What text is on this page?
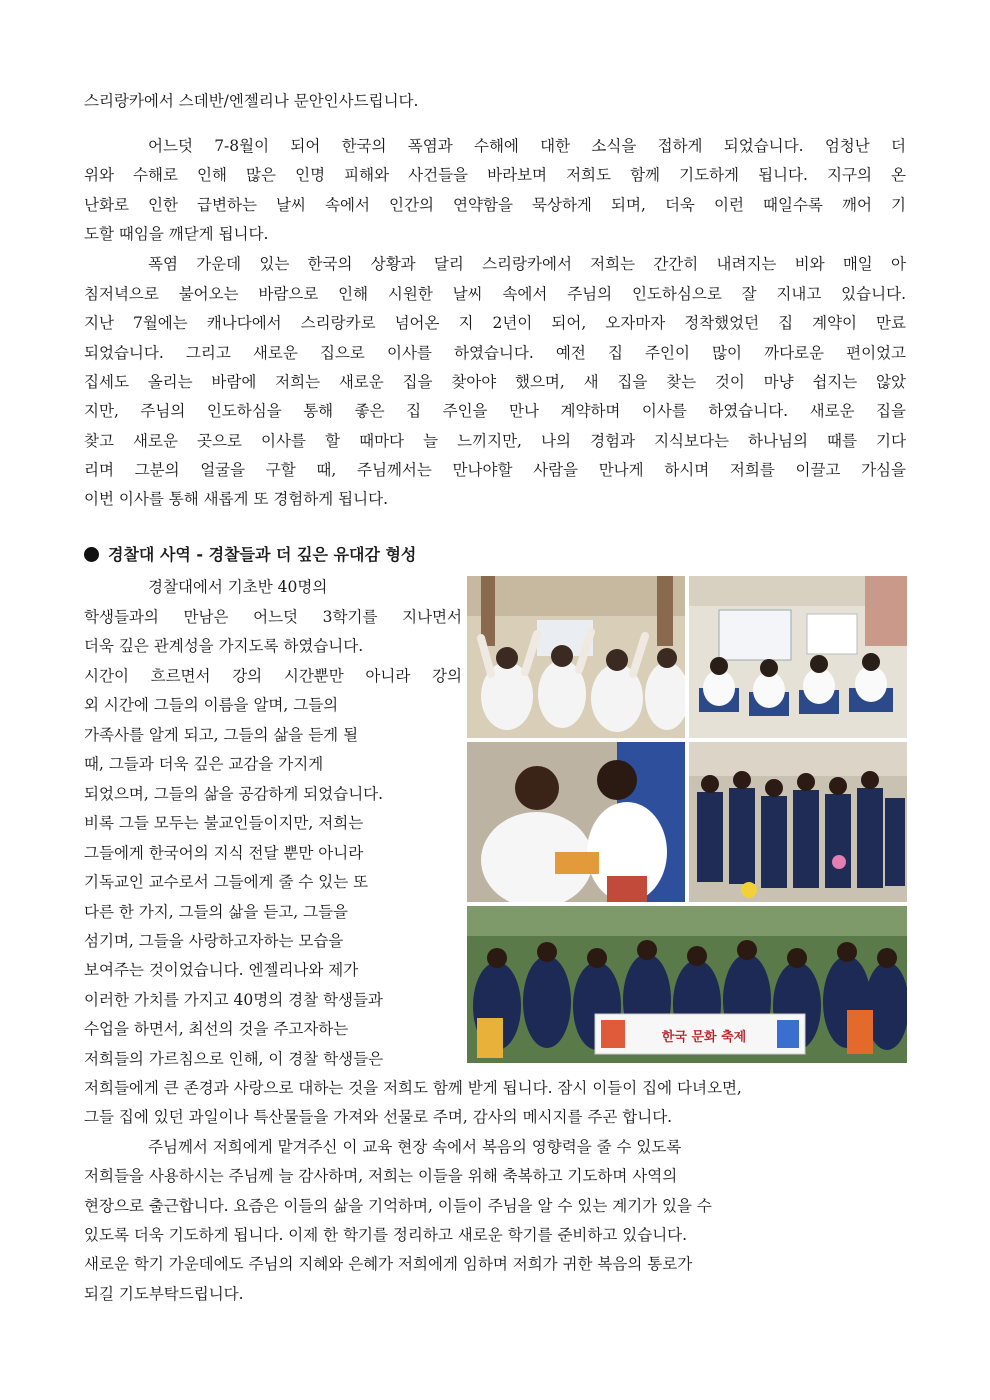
스리랑카에서 스데반/엔젤리나 문안인사드립니다.
어느덧 7-8월이 되어 한국의 폭염과 수해에 대한 소식을 접하게 되었습니다. 엄청난 더
위와 수해로 인해 많은 인명 피해와 사건들을 바라보며 저희도 함께 기도하게 됩니다. 지구의 온
난화로 인한 급변하는 날씨 속에서 인간의 연약함을 묵상하게 되며, 더욱 이런 때일수록 깨어 기
도할 때임을 깨닫게 됩니다.
폭염 가운데 있는 한국의 상황과 달리 스리랑카에서 저희는 간간히 내려지는 비와 매일 아
침저녁으로 불어오는 바람으로 인해 시원한 날씨 속에서 주님의 인도하심으로 잘 지내고 있습니다.
지난 7월에는 캐나다에서 스리랑카로 넘어온 지 2년이 되어, 오자마자 정착했었던 집 계약이 만료
되었습니다. 그리고 새로운 집으로 이사를 하였습니다. 예전 집 주인이 많이 까다로운 편이었고
집세도 올리는 바람에 저희는 새로운 집을 찾아야 했으며, 새 집을 찾는 것이 마냥 쉽지는 않았
지만, 주님의 인도하심을 통해 좋은 집 주인을 만나 계약하며 이사를 하였습니다. 새로운 집을
찾고 새로운 곳으로 이사를 할 때마다 늘 느끼지만, 나의 경험과 지식보다는 하나님의 때를 기다
리며 그분의 얼굴을 구할 때, 주님께서는 만나야할 사람을 만나게 하시며 저희를 이끌고 가심을
이번 이사를 통해 새롭게 또 경험하게 됩니다.
경찰대 사역 - 경찰들과 더 깊은 유대감 형성
경찰대에서 기초반 40명의
학생들과의 만남은 어느덧 3학기를 지나면서
더욱 깊은 관계성을 가지도록 하였습니다.
시간이 흐르면서 강의 시간뿐만 아니라 강의
외 시간에 그들의 이름을 알며, 그들의
가족사를 알게 되고, 그들의 삶을 듣게 될
때, 그들과 더욱 깊은 교감을 가지게
되었으며, 그들의 삶을 공감하게 되었습니다.
비록 그들 모두는 불교인들이지만, 저희는
그들에게 한국어의 지식 전달 뿐만 아니라
기독교인 교수로서 그들에게 줄 수 있는 또
다른 한 가지, 그들의 삶을 듣고, 그들을
섬기며, 그들을 사랑하고자하는 모습을
보여주는 것이었습니다. 엔젤리나와 제가
이러한 가치를 가지고 40명의 경찰 학생들과
수업을 하면서, 최선의 것을 주고자하는
저희들의 가르침으로 인해, 이 경찰 학생들은
저희들에게 큰 존경과 사랑으로 대하는 것을 저희도 함께 받게 됩니다. 잠시 이들이 집에 다녀오면,
그들 집에 있던 과일이나 특산물들을 가져와 선물로 주며, 감사의 메시지를 주곤 합니다.
주님께서 저희에게 맡겨주신 이 교육 현장 속에서 복음의 영향력을 줄 수 있도록
저희들을 사용하시는 주님께 늘 감사하며, 저희는 이들을 위해 축복하고 기도하며 사역의
현장으로 출근합니다. 요즘은 이들의 삶을 기억하며, 이들이 주님을 알 수 있는 계기가 있을 수
있도록 더욱 기도하게 됩니다. 이제 한 학기를 정리하고 새로운 학기를 준비하고 있습니다.
새로운 학기 가운데에도 주님의 지혜와 은혜가 저희에게 임하며 저희가 귀한 복음의 통로가
되길 기도부탁드립니다.
한국 문화 축제
